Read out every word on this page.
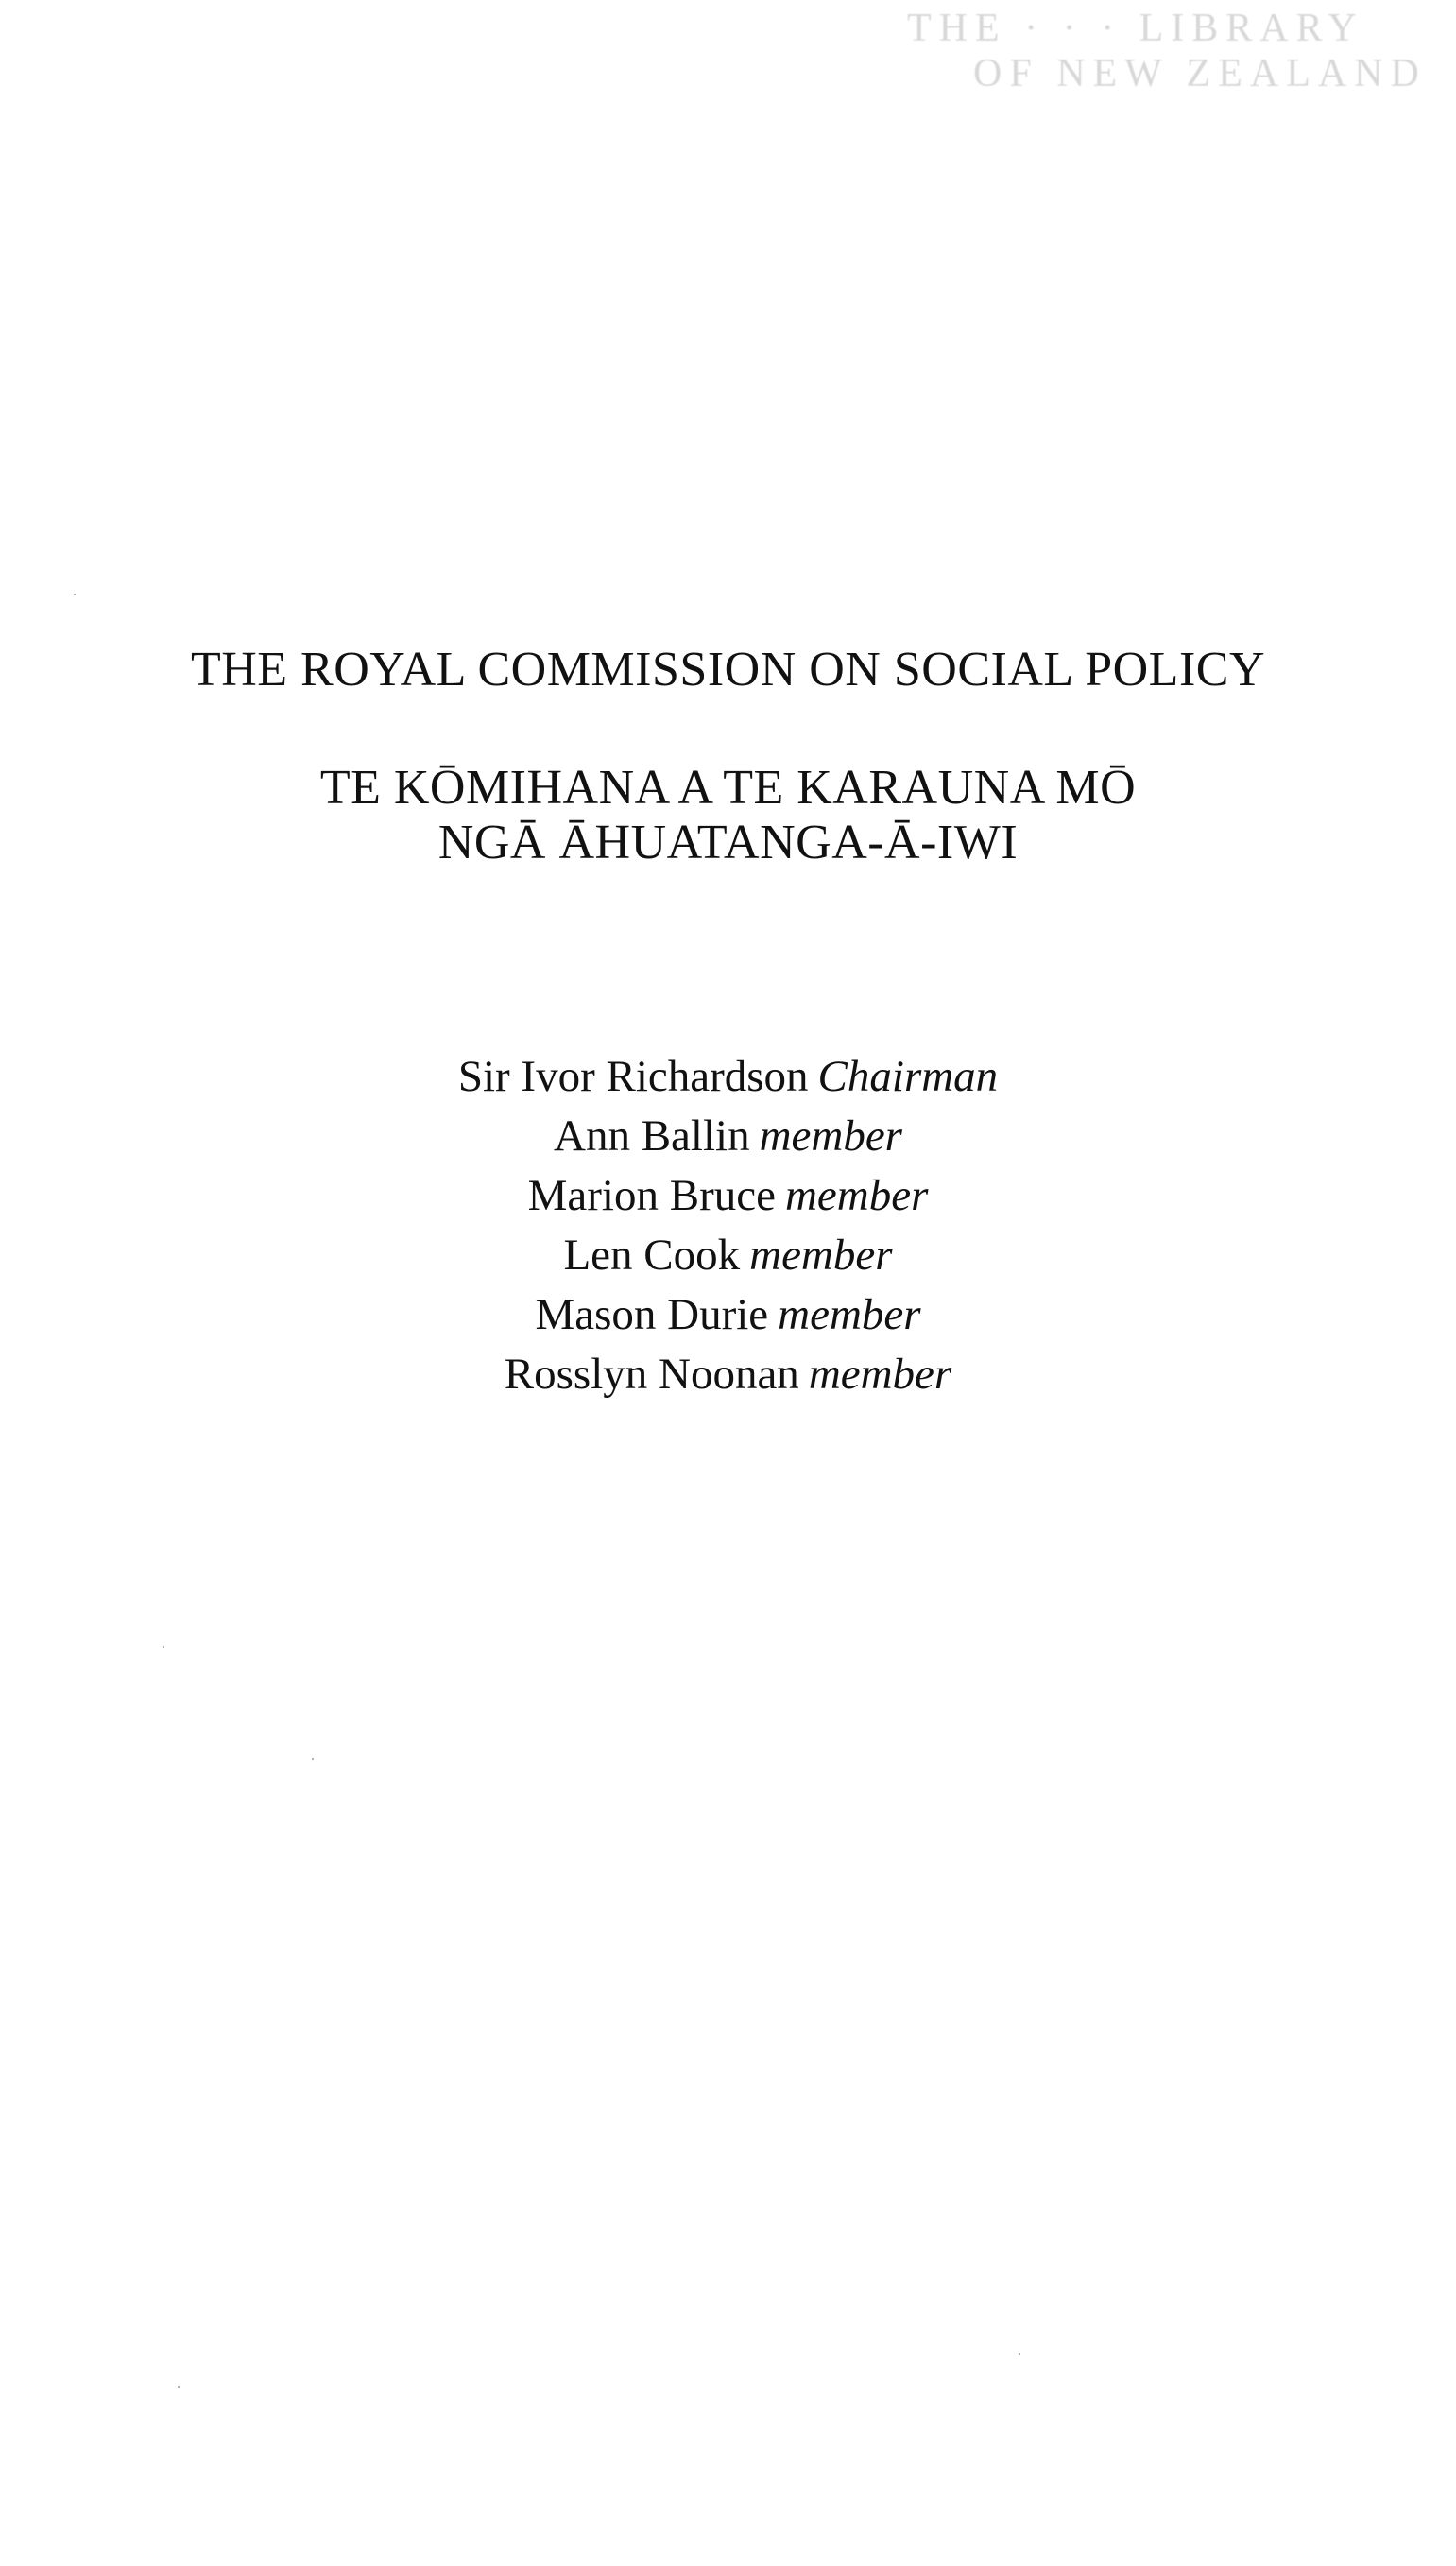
THE · · · LIBRARY
OF NEW ZEALAND
THE ROYAL COMMISSION ON SOCIAL POLICY
TE KŌMIHANA A TE KARAUNA MŌ
NGĀ ĀHUATANGA-Ā-IWI
Sir Ivor Richardson Chairman
Ann Ballin member
Marion Bruce member
Len Cook member
Mason Durie member
Rosslyn Noonan member
